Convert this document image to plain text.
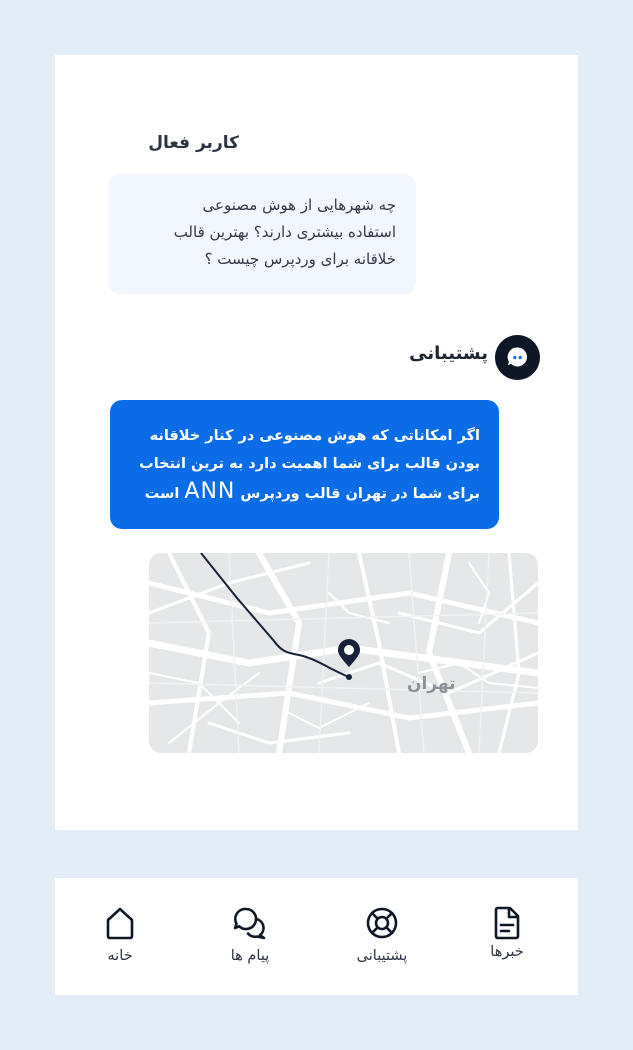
کاربر فعال
چه شهرهایی از هوش مصنوعی
استفاده بیشتری دارند؟ بهترین قالب
خلاقانه برای وردپرس چیست ؟
پشتیبانی
اگر امکاناتی که هوش مصنوعی در کنار خلاقانه
بودن قالب برای شما اهمیت دارد به ترین انتخاب
برای شما در تهران قالب وردپرس ANN است
تهران
خانه	پیام ها	پشتیبانی	خبرها
